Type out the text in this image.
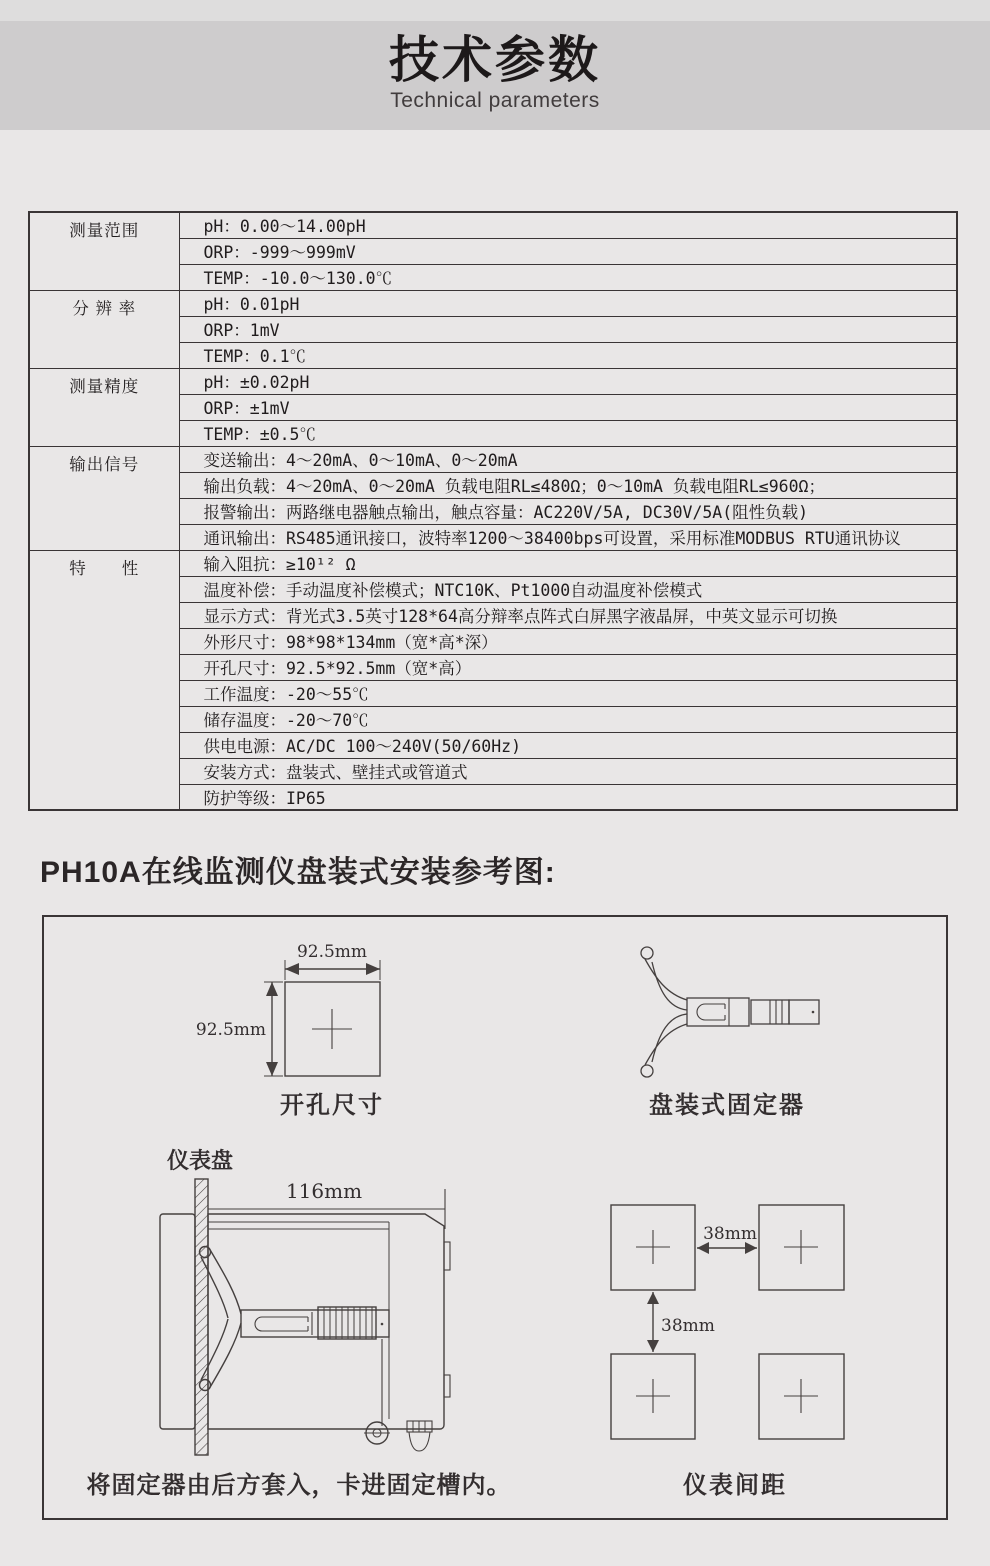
技术参数
Technical parameters
测量范围	pH：0.00～14.00pH
	ORP：-999～999mV
	TEMP：-10.0～130.0℃
分 辨 率	pH：0.01pH
	ORP：1mV
	TEMP：0.1℃
测量精度	pH：±0.02pH
	ORP：±1mV
	TEMP：±0.5℃
输出信号	变送输出：4～20mA、0～10mA、0～20mA
	输出负载：4～20mA、0～20mA 负载电阻RL≤480Ω；0～10mA 负载电阻RL≤960Ω；
	报警输出：两路继电器触点输出，触点容量：AC220V/5A, DC30V/5A(阻性负载)
	通讯输出：RS485通讯接口，波特率1200～38400bps可设置，采用标准MODBUS RTU通讯协议
特　　性	输入阻抗：≥10¹² Ω
	温度补偿：手动温度补偿模式；NTC10K、Pt1000自动温度补偿模式
	显示方式：背光式3.5英寸128*64高分辩率点阵式白屏黑字液晶屏，中英文显示可切换
	外形尺寸：98*98*134mm（宽*高*深）
	开孔尺寸：92.5*92.5mm（宽*高）
	工作温度：-20～55℃
	储存温度：-20～70℃
	供电电源：AC/DC 100～240V(50/60Hz)
	安装方式：盘装式、壁挂式或管道式
	防护等级：IP65
PH10A在线监测仪盘装式安装参考图:
92.5mm
92.5mm
开孔尺寸	盘装式固定器
仪表盘
116mm
将固定器由后方套入，卡进固定槽内。
38mm
38mm
仪表间距
